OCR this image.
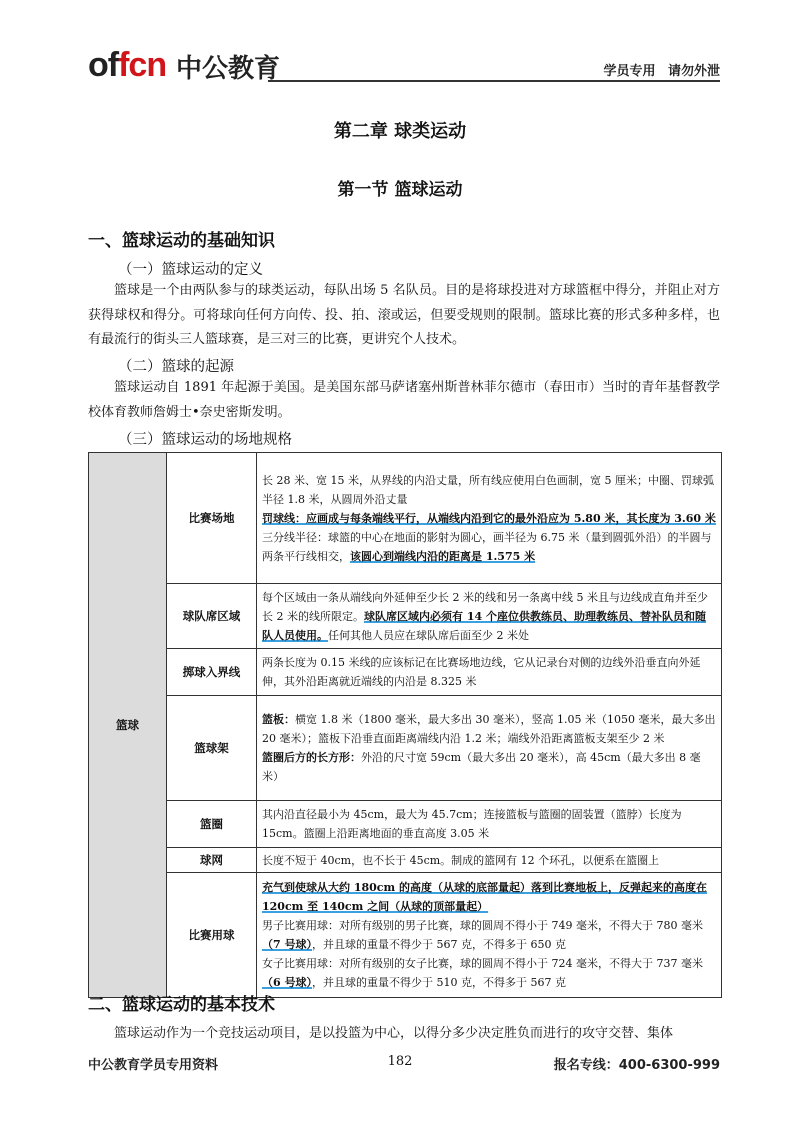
offcn 中公教育	学员专用 请勿外泄
第二章 球类运动
第一节 篮球运动
一、篮球运动的基础知识
（一）篮球运动的定义
篮球是一个由两队参与的球类运动，每队出场 5 名队员。目的是将球投进对方球篮框中得分，并阻止对方获得球权和得分。可将球向任何方向传、投、拍、滚或运，但要受规则的限制。篮球比赛的形式多种多样，也有最流行的街头三人篮球赛，是三对三的比赛，更讲究个人技术。
（二）篮球的起源
篮球运动自 1891 年起源于美国。是美国东部马萨诸塞州斯普林菲尔德市（春田市）当时的青年基督教学校体育教师詹姆士•奈史密斯发明。
（三）篮球运动的场地规格
篮球	比赛场地	长 28 米、宽 15 米，从界线的内沿丈量，所有线应使用白色画制，宽 5 厘米；中圈、罚球弧半径 1.8 米，从圆周外沿丈量
罚球线：应画成与每条端线平行，从端线内沿到它的最外沿应为 5.80 米，其长度为 3.60 米
三分线半径：球篮的中心在地面的影射为圆心，画半径为 6.75 米（量到圆弧外沿）的半圆与两条平行线相交，该圆心到端线内沿的距离是 1.575 米
	球队席区域	每个区域由一条从端线向外延伸至少长 2 米的线和另一条离中线 5 米且与边线成直角并至少长 2 米的线所限定。球队席区域内必须有 14 个座位供教练员、助理教练员、替补队员和随队人员使用。任何其他人员应在球队席后面至少 2 米处
	掷球入界线	两条长度为 0.15 米线的应该标记在比赛场地边线，它从记录台对侧的边线外沿垂直向外延伸，其外沿距离就近端线的内沿是 8.325 米
	篮球架	篮板：横宽 1.8 米（1800 毫米，最大多出 30 毫米），竖高 1.05 米（1050 毫米，最大多出 20 毫米）；篮板下沿垂直面距离端线内沿 1.2 米；端线外沿距离篮板支架至少 2 米
篮圈后方的长方形：外沿的尺寸宽 59cm（最大多出 20 毫米），高 45cm（最大多出 8 毫米）
	篮圈	其内沿直径最小为 45cm，最大为 45.7cm；连接篮板与篮圈的固装置（篮脖）长度为 15cm。篮圈上沿距离地面的垂直高度 3.05 米
	球网	长度不短于 40cm，也不长于 45cm。制成的篮网有 12 个环孔，以便系在篮圈上
	比赛用球	充气到使球从大约 180cm 的高度（从球的底部量起）落到比赛地板上，反弹起来的高度在 120cm 至 140cm 之间（从球的顶部量起）
男子比赛用球：对所有级别的男子比赛，球的圆周不得小于 749 毫米，不得大于 780 毫米（7 号球），并且球的重量不得少于 567 克，不得多于 650 克
女子比赛用球：对所有级别的女子比赛，球的圆周不得小于 724 毫米，不得大于 737 毫米（6 号球），并且球的重量不得少于 510 克，不得多于 567 克
二、篮球运动的基本技术
篮球运动作为一个竞技运动项目，是以投篮为中心，以得分多少决定胜负而进行的攻守交替、集体
中公教育学员专用资料	182	报名专线：400-6300-999
